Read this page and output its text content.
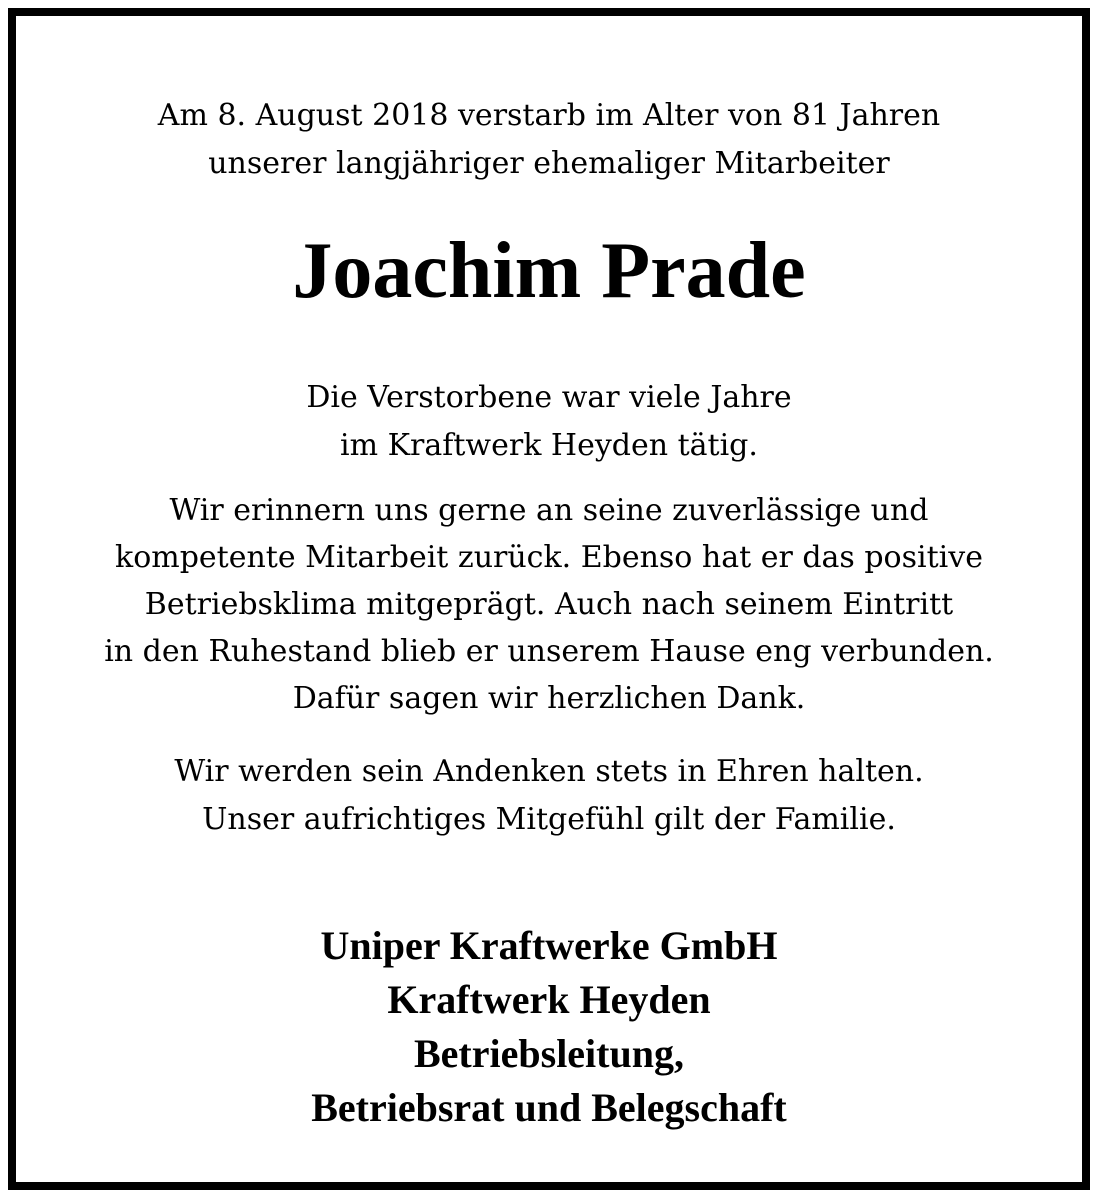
Am 8. August 2018 verstarb im Alter von 81 Jahren
unserer langjähriger ehemaliger Mitarbeiter
Joachim Prade
Die Verstorbene war viele Jahre
im Kraftwerk Heyden tätig.
Wir erinnern uns gerne an seine zuverlässige und
kompetente Mitarbeit zurück. Ebenso hat er das positive
Betriebsklima mitgeprägt. Auch nach seinem Eintritt
in den Ruhestand blieb er unserem Hause eng verbunden.
Dafür sagen wir herzlichen Dank.
Wir werden sein Andenken stets in Ehren halten.
Unser aufrichtiges Mitgefühl gilt der Familie.
Uniper Kraftwerke GmbH
Kraftwerk Heyden
Betriebsleitung,
Betriebsrat und Belegschaft
